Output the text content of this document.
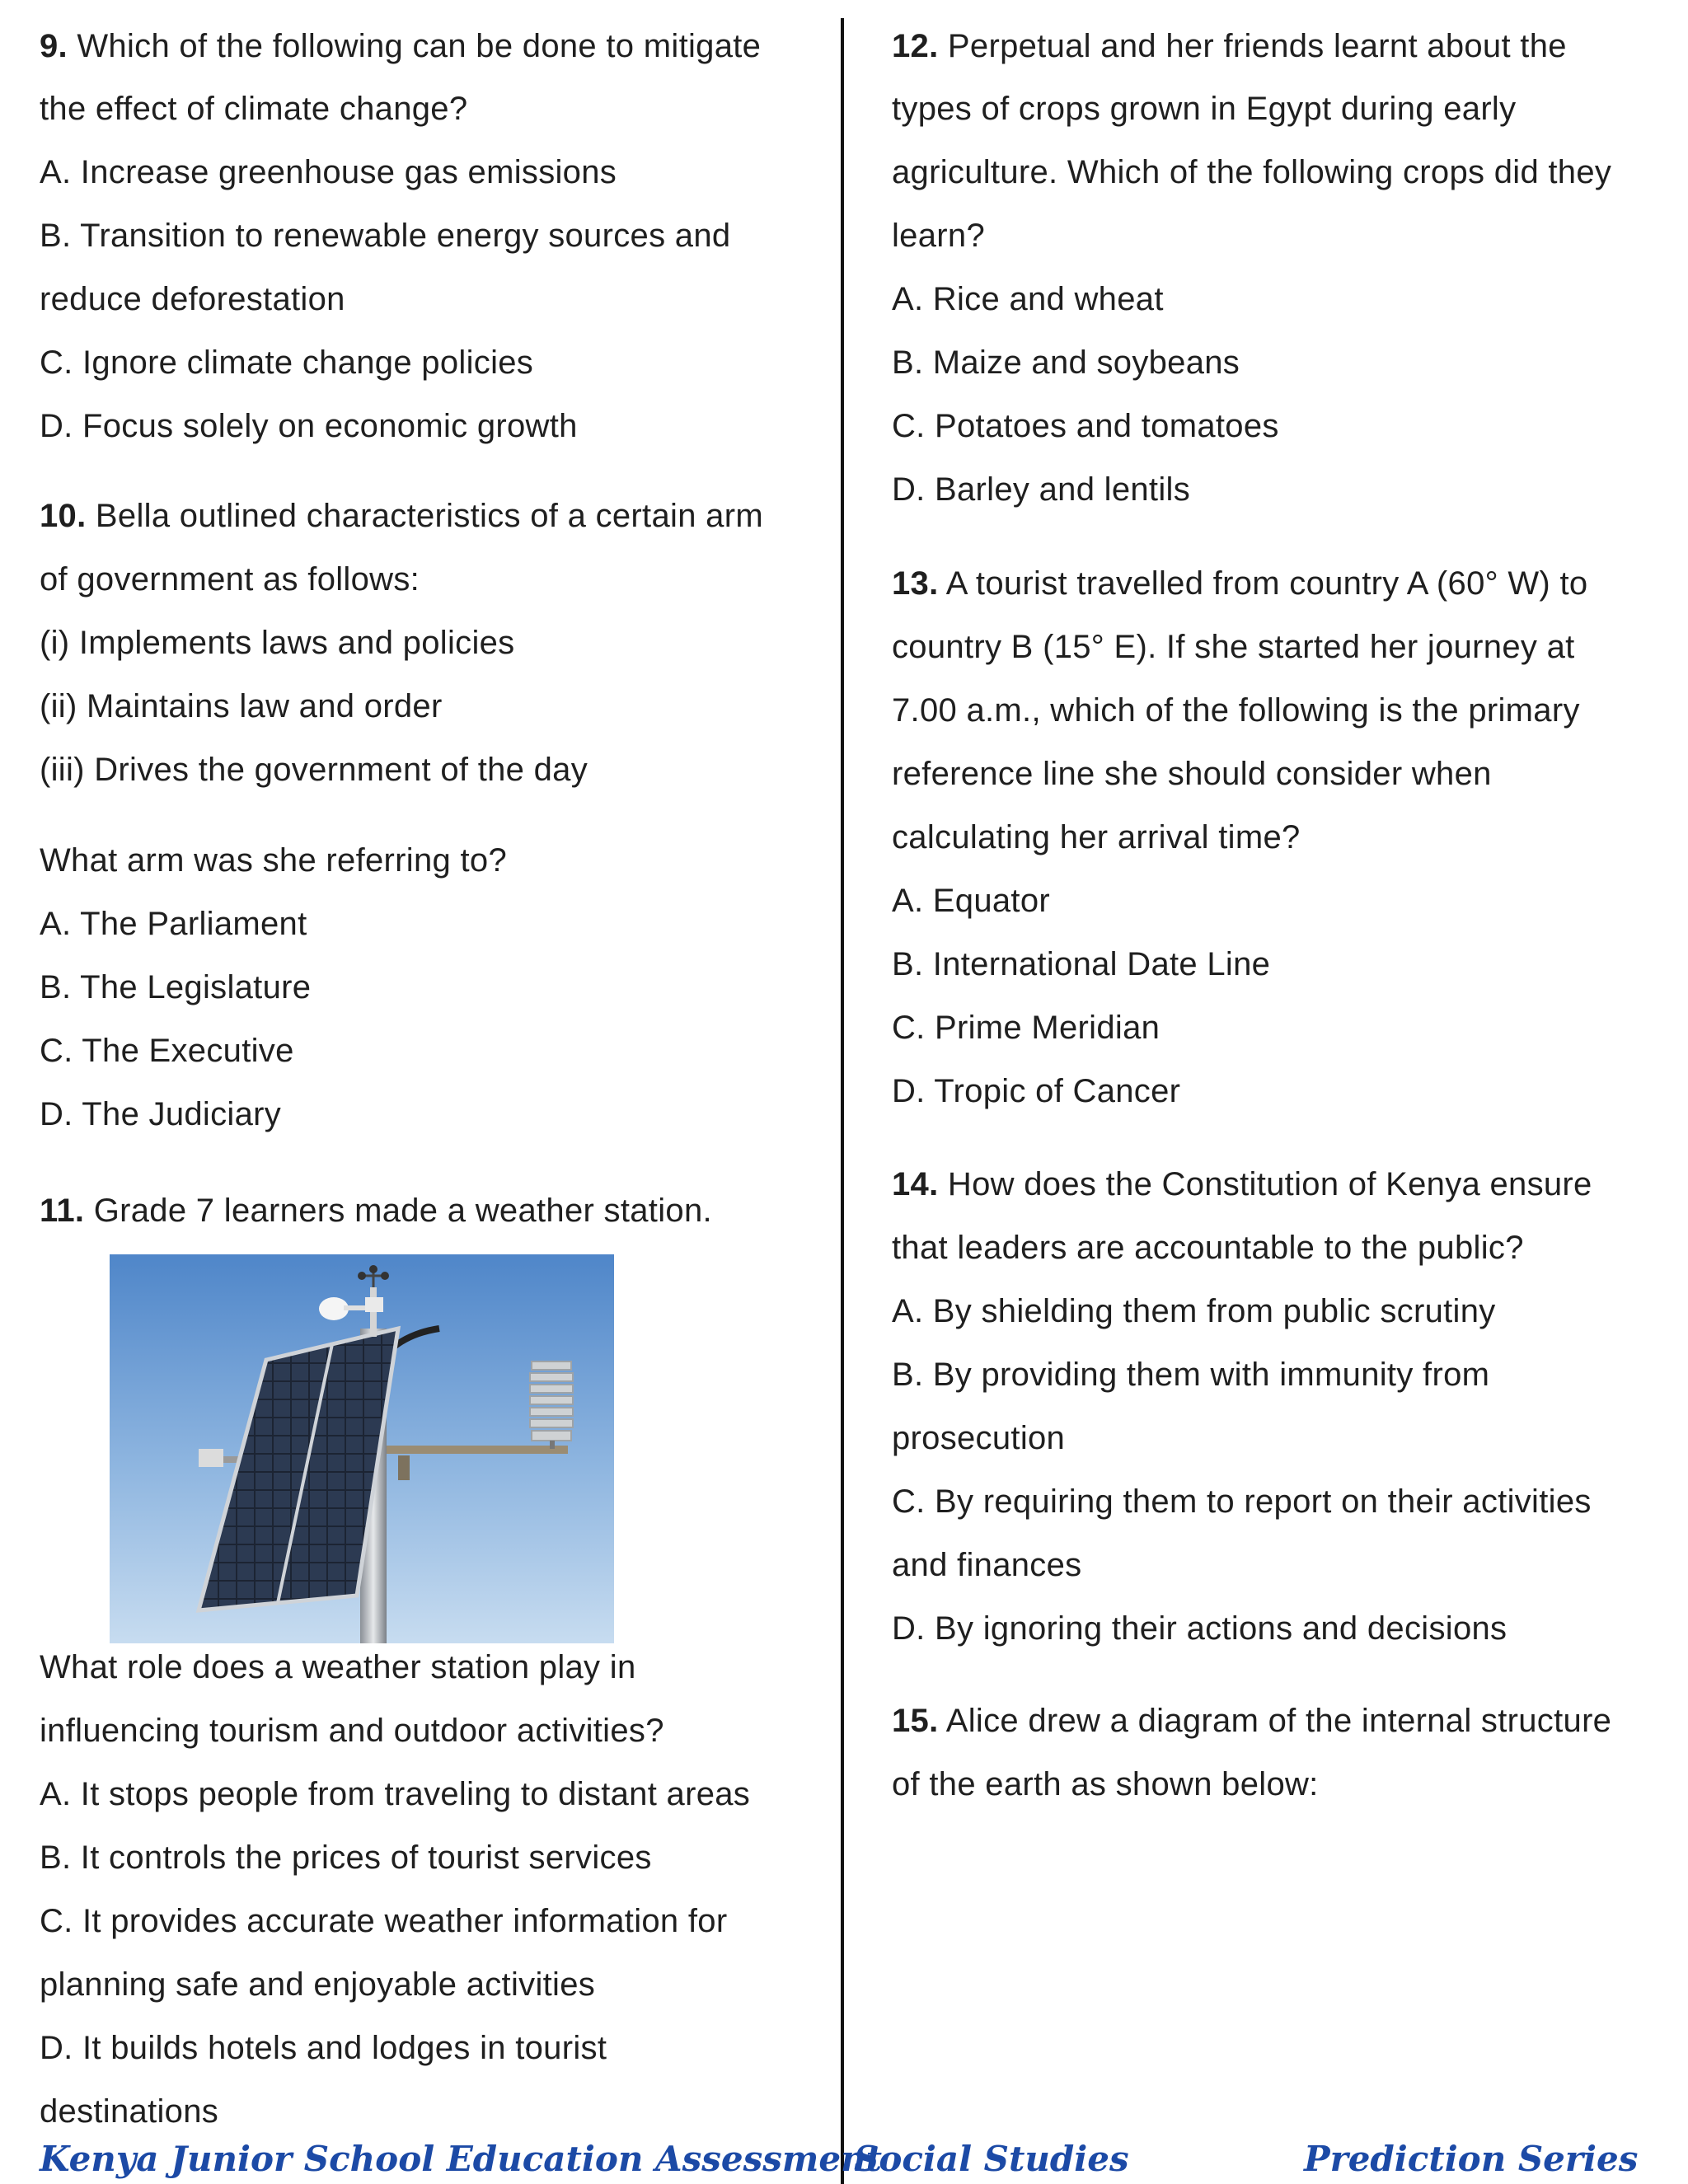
9. Which of the following can be done to mitigate
the effect of climate change?
A. Increase greenhouse gas emissions
B. Transition to renewable energy sources and
reduce deforestation
C. Ignore climate change policies
D. Focus solely on economic growth
10. Bella outlined characteristics of a certain arm
of government as follows:
(i) Implements laws and policies
(ii) Maintains law and order
(iii) Drives the government of the day
What arm was she referring to?
A. The Parliament
B. The Legislature
C. The Executive
D. The Judiciary
11. Grade 7 learners made a weather station.
What role does a weather station play in
influencing tourism and outdoor activities?
A. It stops people from traveling to distant areas
B. It controls the prices of tourist services
C. It provides accurate weather information for
planning safe and enjoyable activities
D. It builds hotels and lodges in tourist
destinations
12. Perpetual and her friends learnt about the
types of crops grown in Egypt during early
agriculture. Which of the following crops did they
learn?
A. Rice and wheat
B. Maize and soybeans
C. Potatoes and tomatoes
D. Barley and lentils
13. A tourist travelled from country A (60° W) to
country B (15° E). If she started her journey at
7.00 a.m., which of the following is the primary
reference line she should consider when
calculating her arrival time?
A. Equator
B. International Date Line
C. Prime Meridian
D. Tropic of Cancer
14. How does the Constitution of Kenya ensure
that leaders are accountable to the public?
A. By shielding them from public scrutiny
B. By providing them with immunity from
prosecution
C. By requiring them to report on their activities
and finances
D. By ignoring their actions and decisions
15. Alice drew a diagram of the internal structure
of the earth as shown below:
Kenya Junior School Education Assessment
Social Studies	Prediction Series
